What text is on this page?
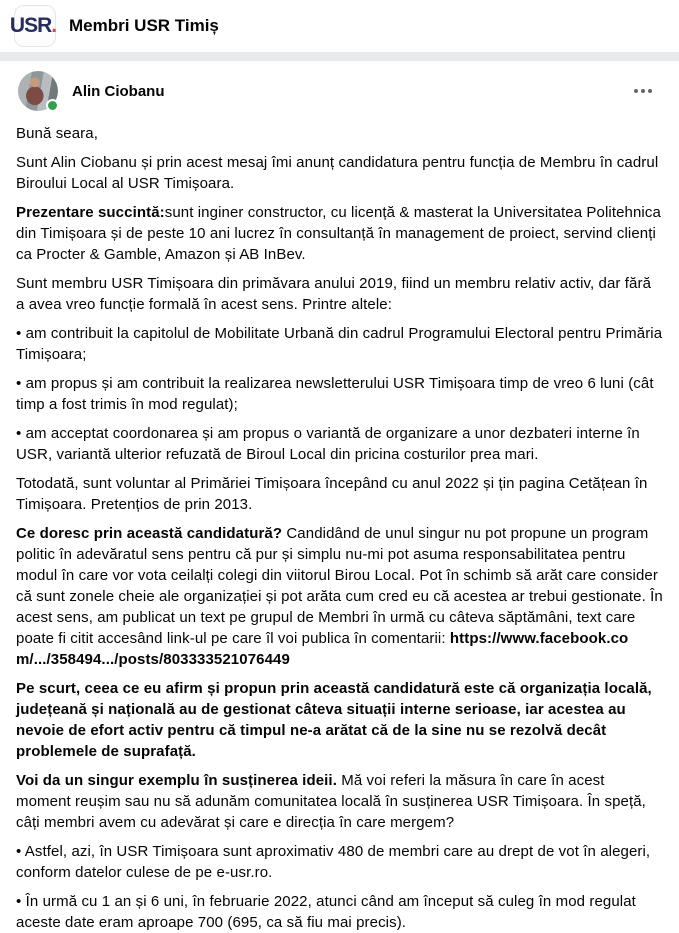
USR. Membri USR Timiș
Alin Ciobanu

Bună seara,

Sunt Alin Ciobanu și prin acest mesaj îmi anunț candidatura pentru funcția de Membru în cadrul Biroului Local al USR Timișoara.

Prezentare succintă:sunt inginer constructor, cu licență & masterat la Universitatea Politehnica din Timișoara și de peste 10 ani lucrez în consultanță în management de proiect, servind clienți ca Procter & Gamble, Amazon și AB InBev.

Sunt membru USR Timișoara din primăvara anului 2019, fiind un membru relativ activ, dar fără a avea vreo funcție formală în acest sens. Printre altele:

• am contribuit la capitolul de Mobilitate Urbană din cadrul Programului Electoral pentru Primăria Timișoara;

• am propus și am contribuit la realizarea newsletterului USR Timișoara timp de vreo 6 luni (cât timp a fost trimis în mod regulat);

• am acceptat coordonarea și am propus o variantă de organizare a unor dezbateri interne în USR, variantă ulterior refuzată de Biroul Local din pricina costurilor prea mari.

Totodată, sunt voluntar al Primăriei Timișoara începând cu anul 2022 și țin pagina Cetățean în Timișoara. Pretențios de prin 2013.

Ce doresc prin această candidatură? Candidând de unul singur nu pot propune un program politic în adevăratul sens pentru că pur și simplu nu-mi pot asuma responsabilitatea pentru modul în care vor vota ceilalți colegi din viitorul Birou Local. Pot în schimb să arăt care consider că sunt zonele cheie ale organizației și pot arăta cum cred eu că acestea ar trebui gestionate. În acest sens, am publicat un text pe grupul de Membri în urmă cu câteva săptămâni, text care poate fi citit accesând link-ul pe care îl voi publica în comentarii: https://www.facebook.com/.../358494.../posts/803333521076449

Pe scurt, ceea ce eu afirm și propun prin această candidatură este că organizația locală, județeană și națională au de gestionat câteva situații interne serioase, iar acestea au nevoie de efort activ pentru că timpul ne-a arătat că de la sine nu se rezolvă decât problemele de suprafață.

Voi da un singur exemplu în susținerea ideii. Mă voi referi la măsura în care în acest moment reușim sau nu să adunăm comunitatea locală în susținerea USR Timișoara. În speță, câți membri avem cu adevărat și care e direcția în care mergem?

• Astfel, azi, în USR Timișoara sunt aproximativ 480 de membri care au drept de vot în alegeri, conform datelor culese de pe e-usr.ro.

• În urmă cu 1 an și 6 uni, în februarie 2022, atunci când am început să culeg în mod regulat aceste date eram aproape 700 (695, ca să fiu mai precis).
